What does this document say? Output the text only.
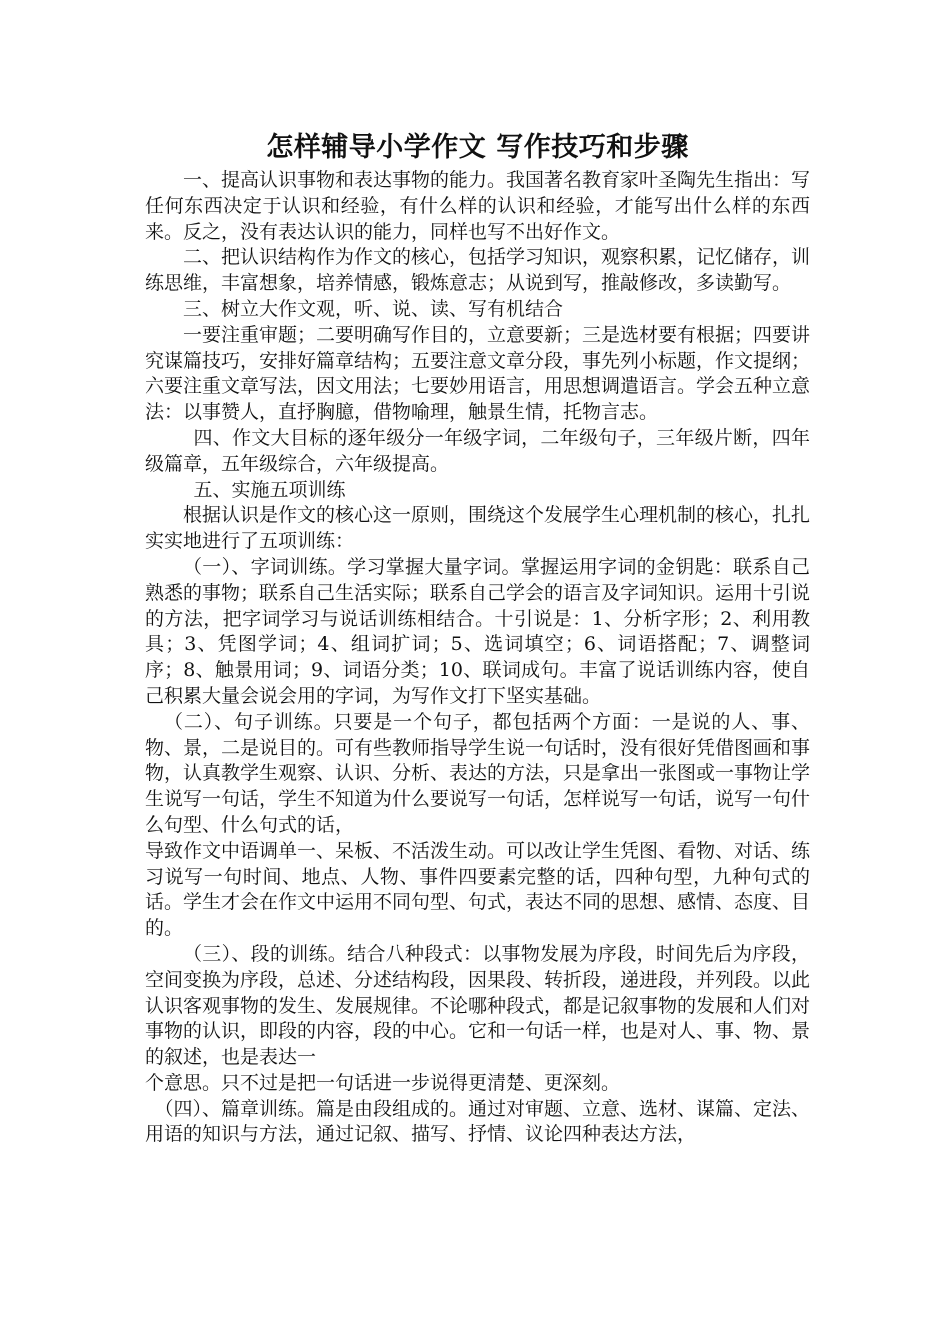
怎样辅导小学作文 写作技巧和步骤

一、提高认识事物和表达事物的能力。我国著名教育家叶圣陶先生指出：写任何东西决定于认识和经验，有什么样的认识和经验，才能写出什么样的东西来。反之，没有表达认识的能力，同样也写不出好作文。

二、把认识结构作为作文的核心，包括学习知识，观察积累，记忆储存，训练思维，丰富想象，培养情感，锻炼意志；从说到写，推敲修改，多读勤写。

三、树立大作文观，听、说、读、写有机结合

一要注重审题；二要明确写作目的，立意要新；三是选材要有根据；四要讲究谋篇技巧，安排好篇章结构；五要注意文章分段，事先列小标题，作文提纲；六要注重文章写法，因文用法；七要妙用语言，用思想调遣语言。学会五种立意法：以事赞人，直抒胸臆，借物喻理，触景生情，托物言志。

四、作文大目标的逐年级分一年级字词，二年级句子，三年级片断，四年级篇章，五年级综合，六年级提高。

五、实施五项训练

根据认识是作文的核心这一原则，围绕这个发展学生心理机制的核心，扎扎实实地进行了五项训练：

（一）、字词训练。学习掌握大量字词。掌握运用字词的金钥匙：联系自己熟悉的事物；联系自己生活实际；联系自己学会的语言及字词知识。运用十引说的方法，把字词学习与说话训练相结合。十引说是：1、分析字形；2、利用教具；3、凭图学词；4、组词扩词；5、选词填空；6、词语搭配；7、调整词序；8、触景用词；9、词语分类；10、联词成句。丰富了说话训练内容，使自己积累大量会说会用的字词，为写作文打下坚实基础。

（二）、句子训练。只要是一个句子，都包括两个方面：一是说的人、事、物、景，二是说目的。可有些教师指导学生说一句话时，没有很好凭借图画和事物，认真教学生观察、认识、分析、表达的方法，只是拿出一张图或一事物让学生说写一句话，学生不知道为什么要说写一句话，怎样说写一句话，说写一句什么句型、什么句式的话，

导致作文中语调单一、呆板、不活泼生动。可以改让学生凭图、看物、对话、练习说写一句时间、地点、人物、事件四要素完整的话，四种句型，九种句式的话。学生才会在作文中运用不同句型、句式，表达不同的思想、感情、态度、目的。

（三）、段的训练。结合八种段式：以事物发展为序段，时间先后为序段，空间变换为序段，总述、分述结构段，因果段、转折段，递进段，并列段。以此认识客观事物的发生、发展规律。不论哪种段式，都是记叙事物的发展和人们对事物的认识，即段的内容，段的中心。它和一句话一样，也是对人、事、物、景的叙述，也是表达一

个意思。只不过是把一句话进一步说得更清楚、更深刻。

（四）、篇章训练。篇是由段组成的。通过对审题、立意、选材、谋篇、定法、用语的知识与方法，通过记叙、描写、抒情、议论四种表达方法，
